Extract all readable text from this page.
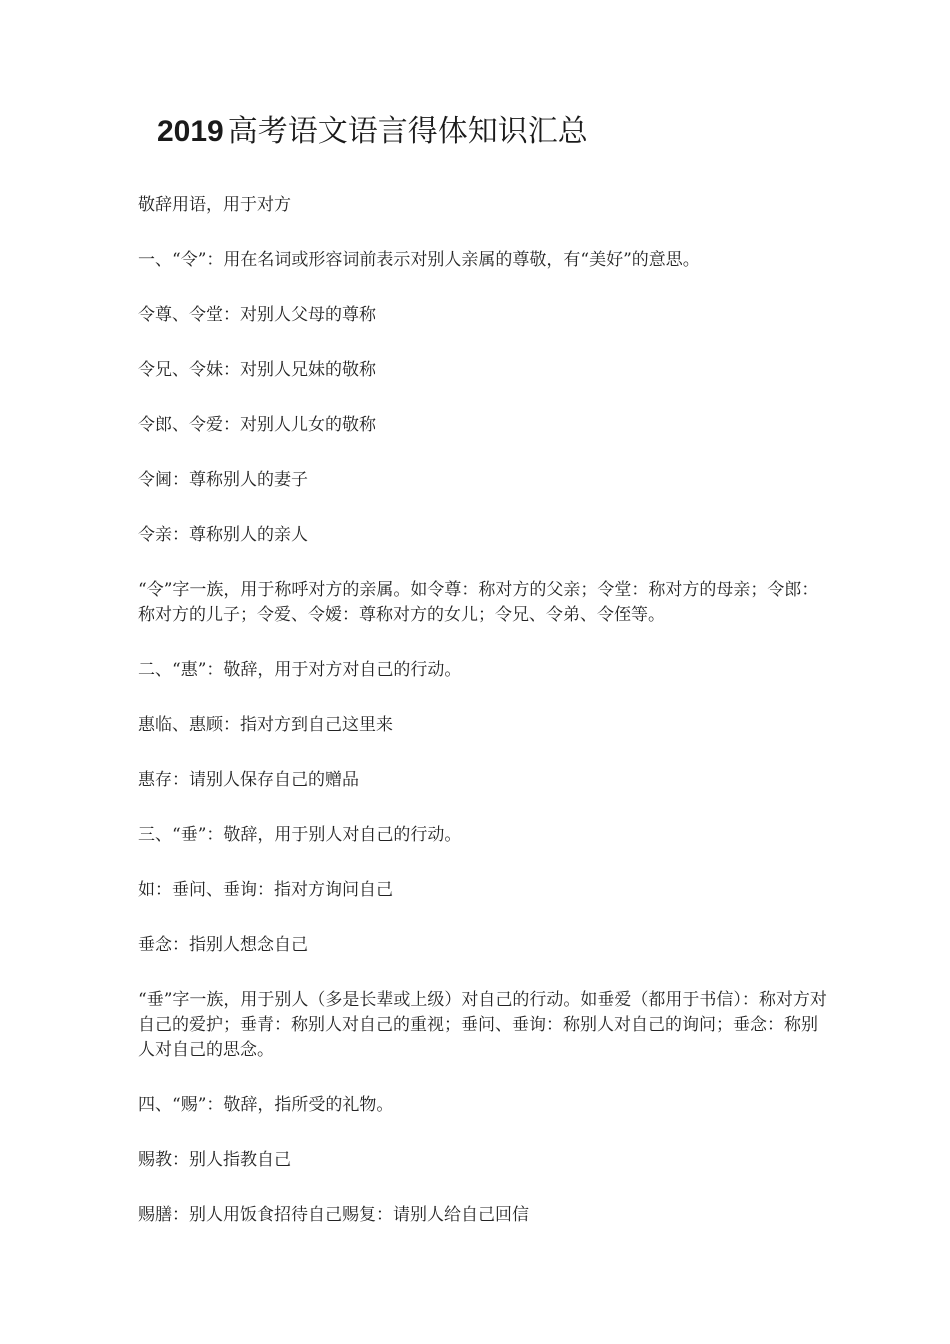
2019 高考语文语言得体知识汇总

敬辞用语，用于对方

一、“令”：用在名词或形容词前表示对别人亲属的尊敬，有“美好”的意思。

令尊、令堂：对别人父母的尊称

令兄、令妹：对别人兄妹的敬称

令郎、令爱：对别人儿女的敬称

令阃：尊称别人的妻子

令亲：尊称别人的亲人

“令”字一族，用于称呼对方的亲属。如令尊：称对方的父亲；令堂：称对方的母亲；令郎：称对方的儿子；令爱、令嫒：尊称对方的女儿；令兄、令弟、令侄等。

二、“惠”：敬辞，用于对方对自己的行动。

惠临、惠顾：指对方到自己这里来

惠存：请别人保存自己的赠品

三、“垂”：敬辞，用于别人对自己的行动。

如：垂问、垂询：指对方询问自己

垂念：指别人想念自己

“垂”字一族，用于别人（多是长辈或上级）对自己的行动。如垂爱（都用于书信）：称对方对自己的爱护；垂青：称别人对自己的重视；垂问、垂询：称别人对自己的询问；垂念：称别人对自己的思念。

四、“赐”：敬辞，指所受的礼物。

赐教：别人指教自己

赐膳：别人用饭食招待自己赐复：请别人给自己回信
